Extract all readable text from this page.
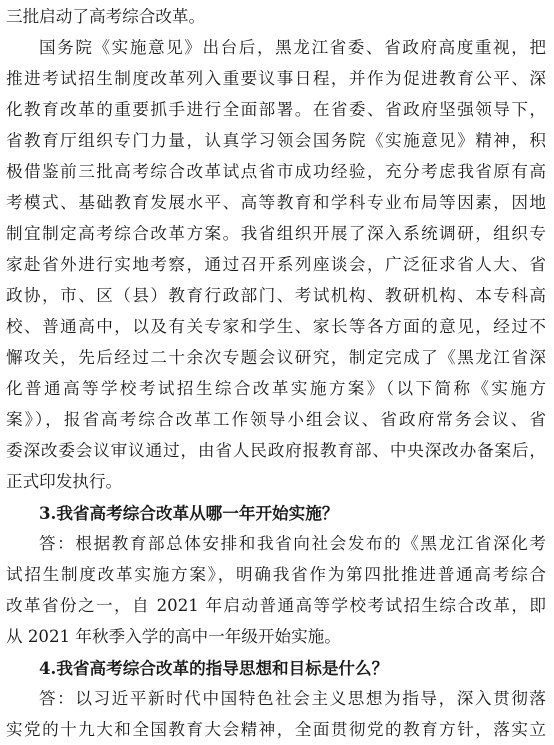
三批启动了高考综合改革。
国务院《实施意见》出台后，黑龙江省委、省政府高度重视，把
推进考试招生制度改革列入重要议事日程，并作为促进教育公平、深
化教育改革的重要抓手进行全面部署。在省委、省政府坚强领导下，
省教育厅组织专门力量，认真学习领会国务院《实施意见》精神，积
极借鉴前三批高考综合改革试点省市成功经验，充分考虑我省原有高
考模式、基础教育发展水平、高等教育和学科专业布局等因素，因地
制宜制定高考综合改革方案。我省组织开展了深入系统调研，组织专
家赴省外进行实地考察，通过召开系列座谈会，广泛征求省人大、省
政协，市、区（县）教育行政部门、考试机构、教研机构、本专科高
校、普通高中，以及有关专家和学生、家长等各方面的意见，经过不
懈攻关，先后经过二十余次专题会议研究，制定完成了《黑龙江省深
化普通高等学校考试招生综合改革实施方案》（以下简称《实施方
案》），报省高考综合改革工作领导小组会议、省政府常务会议、省
委深改委会议审议通过，由省人民政府报教育部、中央深改办备案后，
正式印发执行。
3.我省高考综合改革从哪一年开始实施？
答：根据教育部总体安排和我省向社会发布的《黑龙江省深化考
试招生制度改革实施方案》，明确我省作为第四批推进普通高考综合
改革省份之一，自 2021 年启动普通高等学校考试招生综合改革，即
从 2021 年秋季入学的高中一年级开始实施。
4.我省高考综合改革的指导思想和目标是什么？
答：以习近平新时代中国特色社会主义思想为指导，深入贯彻落
实党的十九大和全国教育大会精神，全面贯彻党的教育方针，落实立
